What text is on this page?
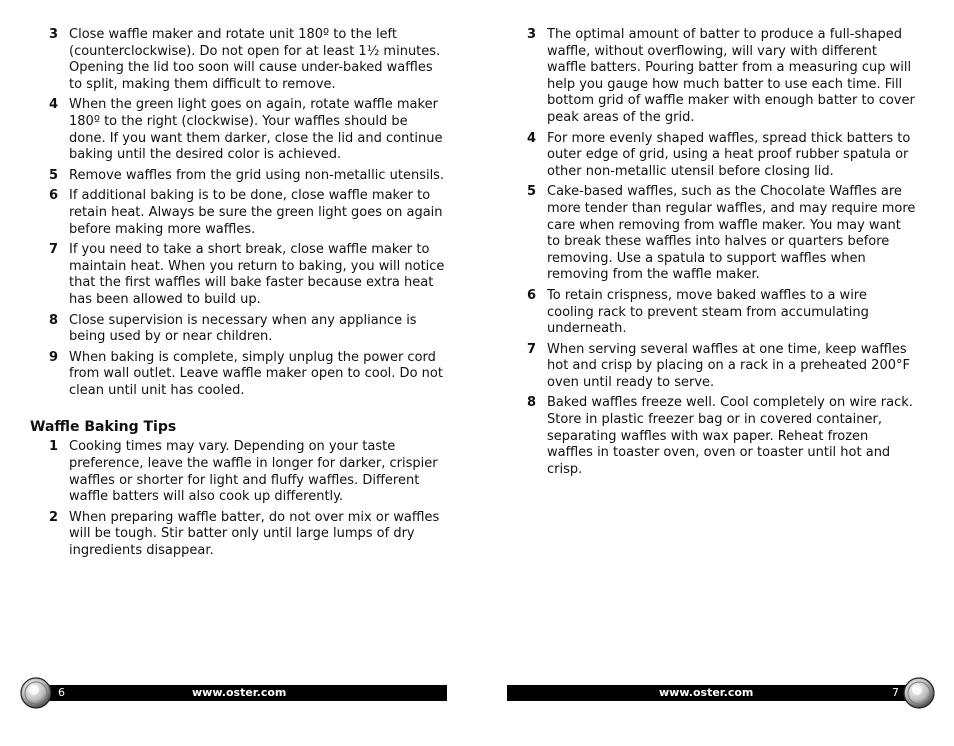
3 Close waffle maker and rotate unit 180º to the left (counterclockwise). Do not open for at least 1½ minutes. Opening the lid too soon will cause under-baked waffles to split, making them difficult to remove.
4 When the green light goes on again, rotate waffle maker 180º to the right (clockwise). Your waffles should be done. If you want them darker, close the lid and continue baking until the desired color is achieved.
5 Remove waffles from the grid using non-metallic utensils.
6 If additional baking is to be done, close waffle maker to retain heat. Always be sure the green light goes on again before making more waffles.
7 If you need to take a short break, close waffle maker to maintain heat. When you return to baking, you will notice that the first waffles will bake faster because extra heat has been allowed to build up.
8 Close supervision is necessary when any appliance is being used by or near children.
9 When baking is complete, simply unplug the power cord from wall outlet. Leave waffle maker open to cool. Do not clean until unit has cooled.
Waffle Baking Tips
1 Cooking times may vary. Depending on your taste preference, leave the waffle in longer for darker, crispier waffles or shorter for light and fluffy waffles. Different waffle batters will also cook up differently.
2 When preparing waffle batter, do not over mix or waffles will be tough. Stir batter only until large lumps of dry ingredients disappear.
6	www.oster.com
3 The optimal amount of batter to produce a full-shaped waffle, without overflowing, will vary with different waffle batters. Pouring batter from a measuring cup will help you gauge how much batter to use each time. Fill bottom grid of waffle maker with enough batter to cover peak areas of the grid.
4 For more evenly shaped waffles, spread thick batters to outer edge of grid, using a heat proof rubber spatula or other non-metallic utensil before closing lid.
5 Cake-based waffles, such as the Chocolate Waffles are more tender than regular waffles, and may require more care when removing from waffle maker. You may want to break these waffles into halves or quarters before removing. Use a spatula to support waffles when removing from the waffle maker.
6 To retain crispness, move baked waffles to a wire cooling rack to prevent steam from accumulating underneath.
7 When serving several waffles at one time, keep waffles hot and crisp by placing on a rack in a preheated 200°F oven until ready to serve.
8 Baked waffles freeze well. Cool completely on wire rack. Store in plastic freezer bag or in covered container, separating waffles with wax paper. Reheat frozen waffles in toaster oven, oven or toaster until hot and crisp.
www.oster.com	7
